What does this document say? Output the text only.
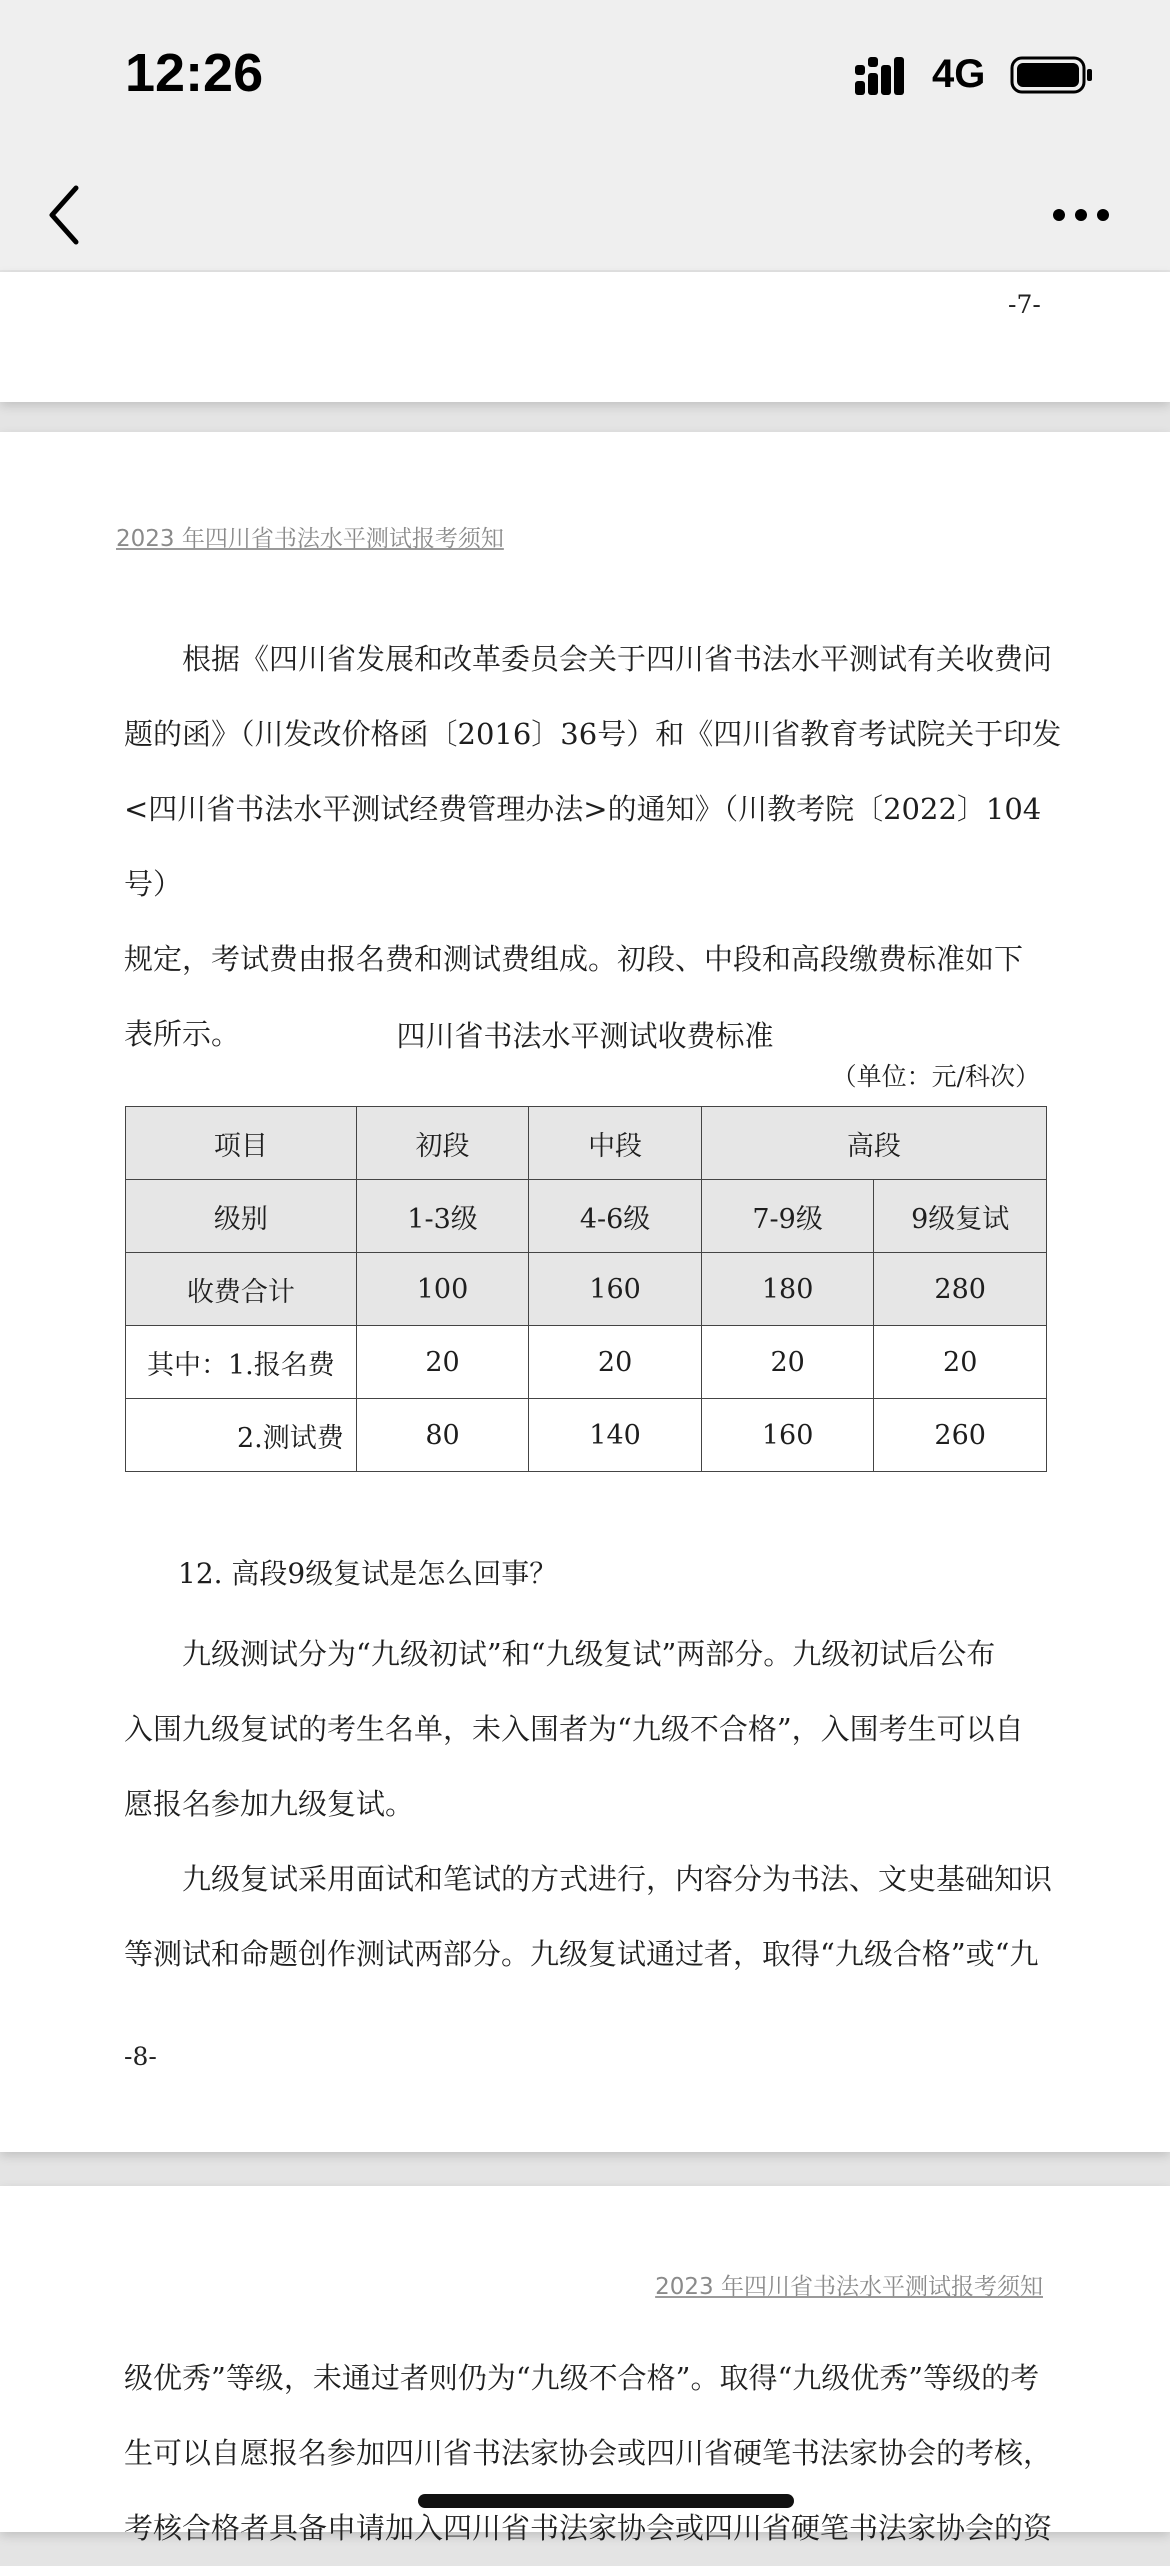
12:26	4G
-7-
2023 年四川省书法水平测试报考须知

根据《四川省发展和改革委员会关于四川省书法水平测试有关收费问

题的函》（川发改价格函〔2016〕36号）和《四川省教育考试院关于印发
<四川省书法水平测试经费管理办法>的通知》（川教考院〔2022〕104号）
规定，考试费由报名费和测试费组成。初段、中段和高段缴费标准如下
表所示。	四川省书法水平测试收费标准
（单位：元/科次）
项目	初段	中段	高段	
级别	1-3级	4-6级	7-9级	9级复试
收费合计	100	160	180	280
其中：1.报名费	20	20	20	20
2.测试费	80	140	160	260
12. 高段9级复试是怎么回事？

九级测试分为“九级初试”和“九级复试”两部分。九级初试后公布

入围九级复试的考生名单，未入围者为“九级不合格”，入围考生可以自
愿报名参加九级复试。

九级复试采用面试和笔试的方式进行，内容分为书法、文史基础知识

等测试和命题创作测试两部分。九级复试通过者，取得“九级合格”或“九

-8-
2023 年四川省书法水平测试报考须知

级优秀”等级，未通过者则仍为“九级不合格”。取得“九级优秀”等级的考
生可以自愿报名参加四川省书法家协会或四川省硬笔书法家协会的考核，
考核合格者具备申请加入四川省书法家协会或四川省硬笔书法家协会的资
